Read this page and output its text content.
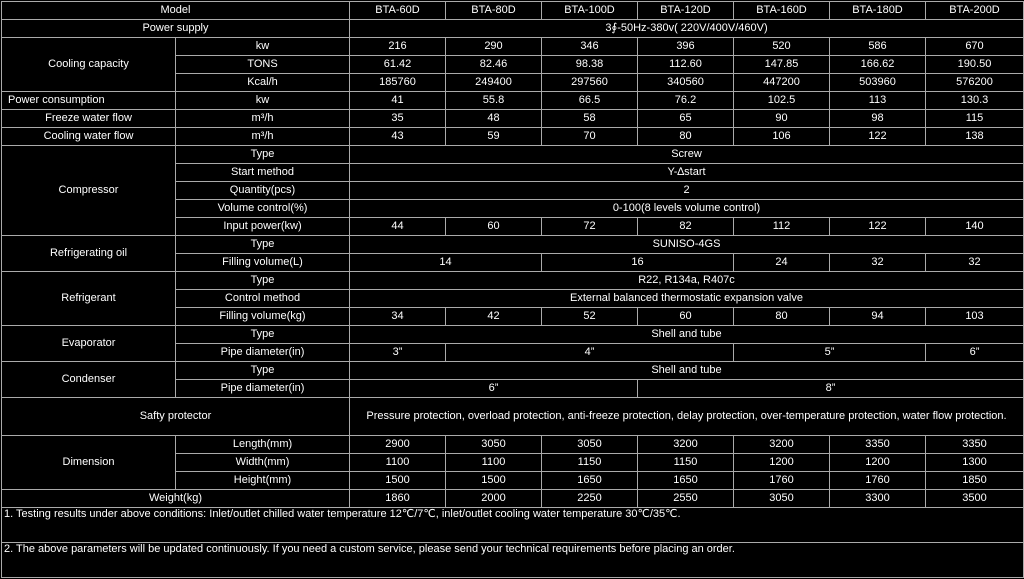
Model		BTA-60D	BTA-80D	BTA-100D	BTA-120D	BTA-160D	BTA-180D	BTA-200D
Power supply		3∮-50Hz-380v( 220V/400V/460V)						
Cooling capacity	kw	216	290	346	396	520	586	670
	TONS	61.42	82.46	98.38	112.60	147.85	166.62	190.50
	Kcal/h	185760	249400	297560	340560	447200	503960	576200
Power consumption	kw	41	55.8	66.5	76.2	102.5	113	130.3
Freeze water flow	m³/h	35	48	58	65	90	98	115
Cooling water flow	m³/h	43	59	70	80	106	122	138
Compressor	Type	Screw						
	Start method	Y-∆start						
	Quantity(pcs)	2						
	Volume control(%)	0-100(8 levels volume control)						
	Input power(kw)	44	60	72	82	112	122	140
Refrigerating oil	Type	SUNISO-4GS						
	Filling volume(L)	14		16		24	32	32
Refrigerant	Type	R22, R134a, R407c						
	Control method	External balanced thermostatic expansion valve						
	Filling volume(kg)	34	42	52	60	80	94	103
Evaporator	Type	Shell and tube						
	Pipe diameter(in)	3”	4”			5”		6”
Condenser	Type	Shell and tube						
	Pipe diameter(in)	6”			8”			
Safty protector		Pressure protection, overload protection, anti-freeze protection, delay protection, over-temperature protection, water flow protection.						
Dimension	Length(mm)	2900	3050	3050	3200	3200	3350	3350
	Width(mm)	1100	1100	1150	1150	1200	1200	1300
	Height(mm)	1500	1500	1650	1650	1760	1760	1850
Weight(kg)		1860	2000	2250	2550	3050	3300	3500
1. Testing results under above conditions: Inlet/outlet chilled water temperature 12℃/7℃, inlet/outlet cooling water temperature 30℃/35℃.								
2. The above parameters will be updated continuously. If you need a custom service, please send your technical requirements before placing an order.								
